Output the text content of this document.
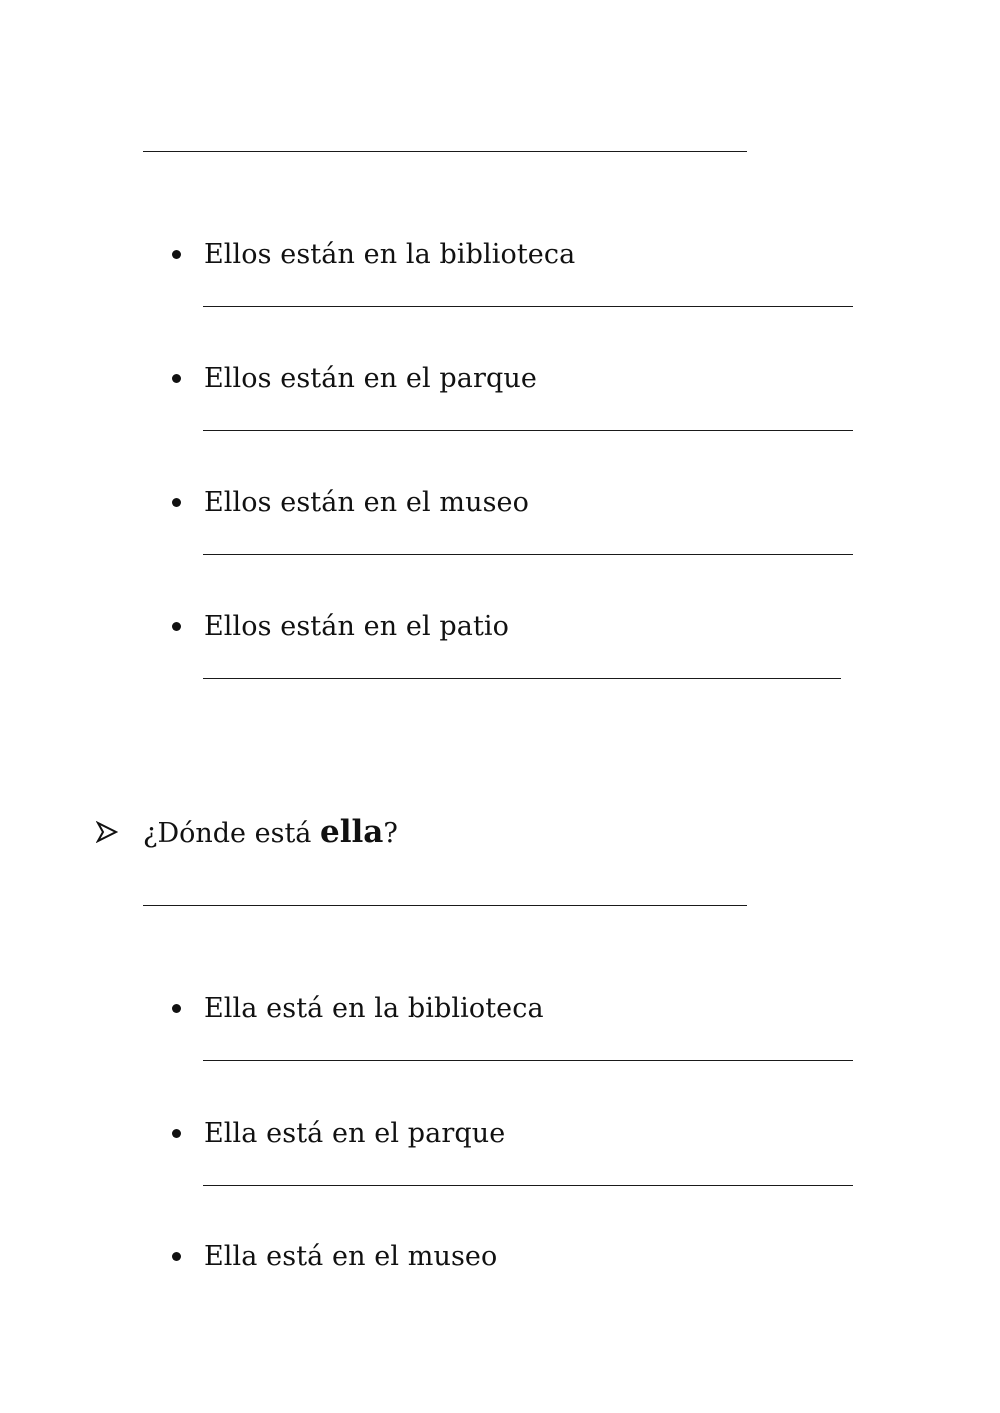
Ellos están en la biblioteca
Ellos están en el parque
Ellos están en el museo
Ellos están en el patio
¿Dónde está ella?
Ella está en la biblioteca
Ella está en el parque
Ella está en el museo
